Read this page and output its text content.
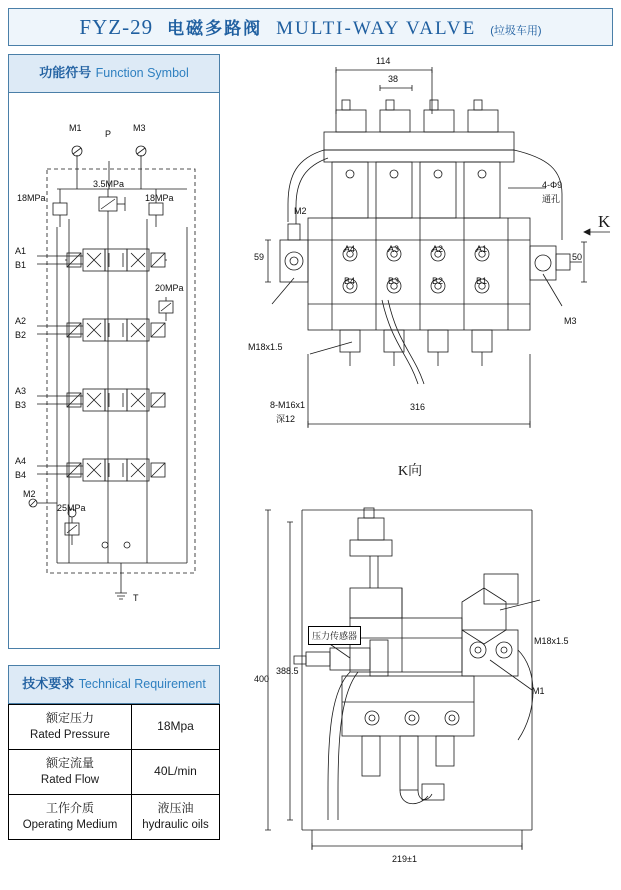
FYZ-29 电磁多路阀 MULTI-WAY VALVE (垃圾车用)
功能符号 Function Symbol
M1	M3
P
T
M2
18MPa	18MPa
3.5MPa
20MPa
25MPa
A1
B1
A2
B2
A3
B3
A4
B4
技术要求 Technical Requirement
额定压力
Rated Pressure	18Mpa

额定流量
Rated Flow	40L/min

工作介质
Operating Medium	液压油
hydraulic oils
114
38
316
59	50
4-Φ9
通孔
M18x1.5
8-M16x1
深12
M3
M2
A4	A3	A2	A1
B4	B3	B2	B1
K
K向
400
388.5
219±1
压力传感器	M18x1.5
M1
